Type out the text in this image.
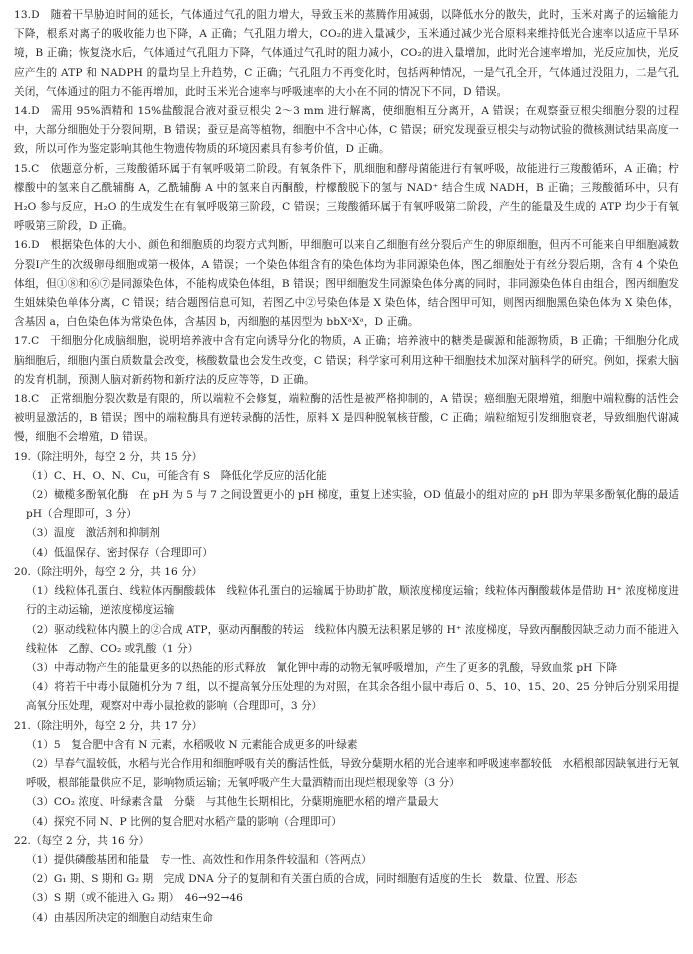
13.D　随着干旱胁迫时间的延长，气体通过气孔的阻力增大，导致玉米的蒸腾作用减弱，以降低水分的散失，此时，玉米对离子的运输能力下降，根系对离子的吸收能力也下降，A 正确；气孔阻力增大，CO₂的进入量减少，玉米通过减少光合原料来维持低光合速率以适应干旱环境，B 正确；恢复浇水后，气体通过气孔阻力下降，气体通过气孔时的阻力减小，CO₂的进入量增加，此时光合速率增加，光反应加快，光反应产生的 ATP 和 NADPH 的量均呈上升趋势，C 正确；气孔阻力不再变化时，包括两种情况，一是气孔全开，气体通过没阻力，二是气孔关闭，气体通过的阻力不能再增加，此时玉米光合速率与呼吸速率的大小在不同的情况下不同，D 错误。

14.D　需用 95%酒精和 15%盐酸混合液对蚕豆根尖 2～3 mm 进行解离，使细胞相互分离开，A 错误；在观察蚕豆根尖细胞分裂的过程中，大部分细胞处于分裂间期，B 错误；蚕豆是高等植物，细胞中不含中心体，C 错误；研究发现蚕豆根尖与动物试验的微核测试结果高度一致，所以可作为鉴定影响其他生物遗传物质的环境因素具有参考价值，D 正确。

15.C　依题意分析，三羧酸循环属于有氧呼吸第二阶段。有氧条件下，肌细胞和酵母菌能进行有氧呼吸，故能进行三羧酸循环，A 正确；柠檬酸中的氢来自乙酰辅酶 A，乙酰辅酶 A 中的氢来自丙酮酸，柠檬酸脱下的氢与 NAD⁺ 结合生成 NADH，B 正确；三羧酸循环中，只有 H₂O 参与反应，H₂O 的生成发生在有氧呼吸第三阶段，C 错误；三羧酸循环属于有氧呼吸第二阶段，产生的能量及生成的 ATP 均少于有氧呼吸第三阶段，D 正确。

16.D　根据染色体的大小、颜色和细胞质的均裂方式判断，甲细胞可以来自乙细胞有丝分裂后产生的卵原细胞，但丙不可能来自甲细胞减数分裂Ⅰ产生的次级卵母细胞或第一极体，A 错误；一个染色体组含有的染色体均为非同源染色体，图乙细胞处于有丝分裂后期，含有 4 个染色体组，但①⑧和⑥⑦是同源染色体，不能构成染色体组，B 错误；图甲细胞发生同源染色体分离的同时，非同源染色体自由组合，图丙细胞发生姐妹染色单体分离，C 错误；结合题图信息可知，若图乙中②号染色体是 X 染色体，结合图甲可知，则图丙细胞黑色染色体为 X 染色体，含基因 a，白色染色体为常染色体，含基因 b，丙细胞的基因型为 bbXᵃXᵃ，D 正确。

17.C　干细胞分化成脑细胞，说明培养液中含有定向诱导分化的物质，A 正确；培养液中的糖类是碳源和能源物质，B 正确；干细胞分化成脑细胞后，细胞内蛋白质数量会改变，核酸数量也会发生改变，C 错误；科学家可利用这种干细胞技术加深对脑科学的研究。例如，探索大脑的发育机制，预测人脑对新药物和新疗法的反应等等，D 正确。

18.C　正常细胞分裂次数是有限的，所以端粒不会修复，端粒酶的活性是被严格抑制的，A 错误；癌细胞无限增殖，细胞中端粒酶的活性会被明显激活的，B 错误；图中的端粒酶具有逆转录酶的活性，原料 X 是四种脱氧核苷酸，C 正确；端粒缩短引发细胞衰老，导致细胞代谢减慢，细胞不会增殖，D 错误。

19.（除注明外，每空 2 分，共 15 分）

（1）C、H、O、N、Cu，可能含有 S　降低化学反应的活化能

（2）橄榄多酚氧化酶　在 pH 为 5 与 7 之间设置更小的 pH 梯度，重复上述实验，OD 值最小的组对应的 pH 即为苹果多酚氧化酶的最适 pH（合理即可，3 分）

（3）温度　激活剂和抑制剂

（4）低温保存、密封保存（合理即可）

20.（除注明外，每空 2 分，共 16 分）

（1）线粒体孔蛋白、线粒体丙酮酸载体　线粒体孔蛋白的运输属于协助扩散，顺浓度梯度运输；线粒体丙酮酸载体是借助 H⁺ 浓度梯度进行的主动运输，逆浓度梯度运输

（2）驱动线粒体内膜上的②合成 ATP，驱动丙酮酸的转运　线粒体内膜无法积累足够的 H⁺ 浓度梯度，导致丙酮酸因缺乏动力而不能进入线粒体　乙醇、CO₂ 或乳酸（1 分）

（3）中毒动物产生的能量更多的以热能的形式释放　氰化钾中毒的动物无氧呼吸增加，产生了更多的乳酸，导致血浆 pH 下降

（4）将若干中毒小鼠随机分为 7 组，以不提高氧分压处理的为对照，在其余各组小鼠中毒后 0、5、10、15、20、25 分钟后分别采用提高氧分压处理，观察对中毒小鼠抢救的影响（合理即可，3 分）

21.（除注明外，每空 2 分，共 17 分）

（1）5　复合肥中含有 N 元素，水稻吸收 N 元素能合成更多的叶绿素

（2）旱春气温较低，水稻与光合作用和细胞呼吸有关的酶活性低，导致分蘖期水稻的光合速率和呼吸速率都较低　水稻根部因缺氧进行无氧呼吸，根部能量供应不足，影响物质运输；无氧呼吸产生大量酒精而出现烂根现象等（3 分）

（3）CO₂ 浓度、叶绿素含量　分蘖　与其他生长期相比，分蘖期施肥水稻的增产量最大

（4）探究不同 N、P 比例的复合肥对水稻产量的影响（合理即可）

22.（每空 2 分，共 16 分）

（1）提供磷酸基团和能量　专一性、高效性和作用条件较温和（答两点）

（2）G₁ 期、S 期和 G₂ 期　完成 DNA 分子的复制和有关蛋白质的合成，同时细胞有适度的生长　数量、位置、形态

（3）S 期（或不能进入 G₂ 期）　46→92→46

（4）由基因所决定的细胞自动结束生命
